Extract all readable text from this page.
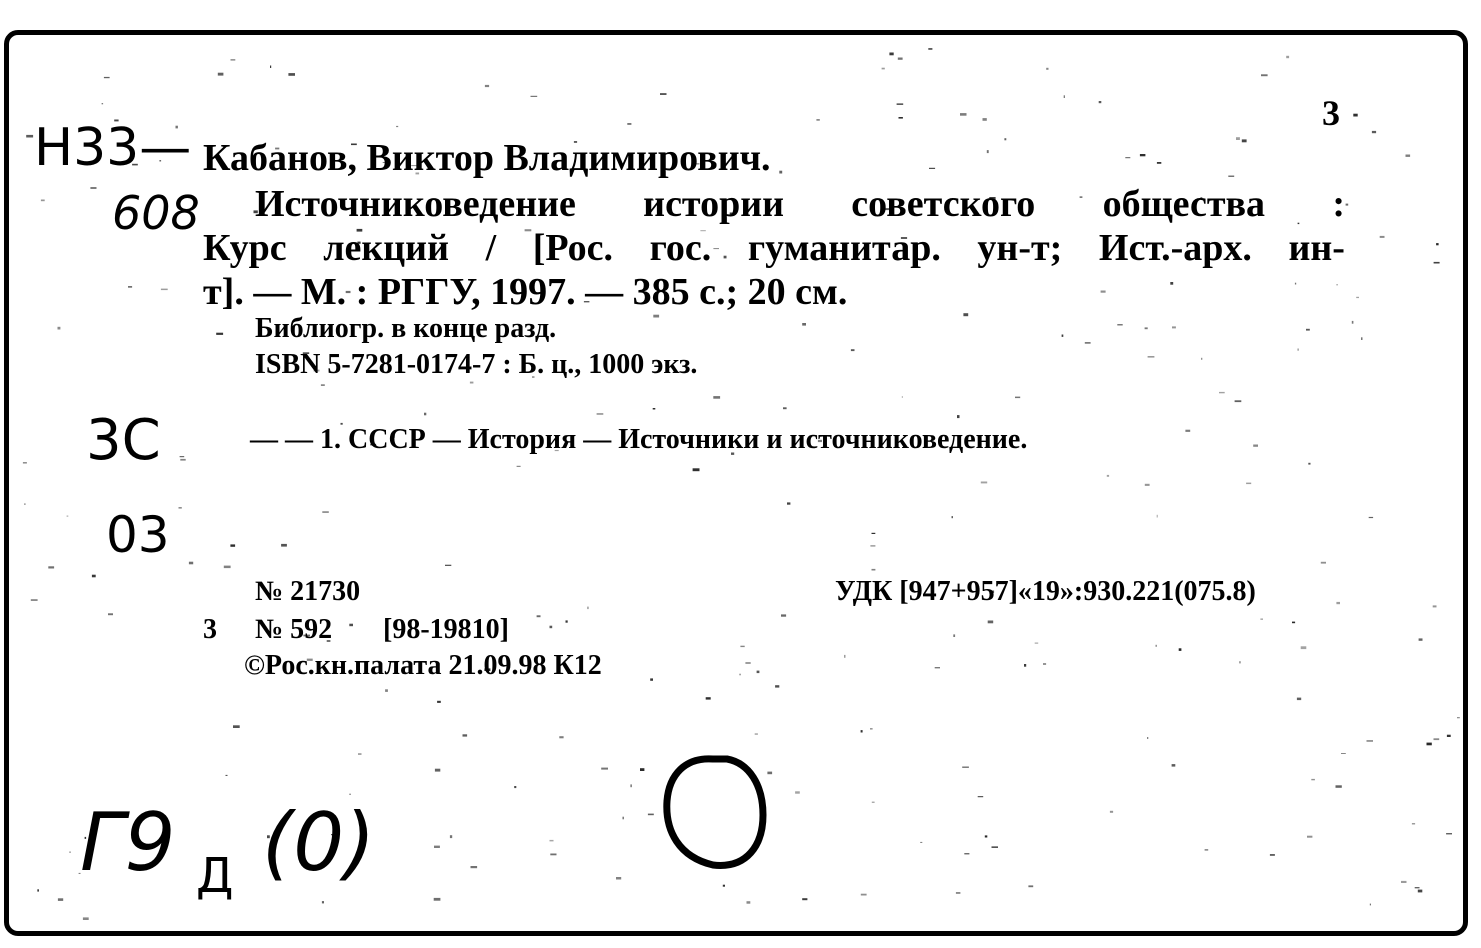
3
Кабанов, Виктор Владимирович.
Источниковедение истории советского общества :
Курс лекций / [Рос. гос. гуманитар. ун-т; Ист.-арх. ин-
т]. — М. : РГГУ, 1997. — 385 с.; 20 см.
Библиогр. в конце разд.
ISBN 5-7281-0174-7 : Б. ц., 1000 экз.
— — 1. СССР — История — Источники и источниковедение.
№ 21730	УДК [947+957]«19»:930.221(075.8)
3 № 592 [98-19810]
©Рос.кн.палата 21.09.98 К12
Н33—
608
3С
03
Г9 Д (0)
